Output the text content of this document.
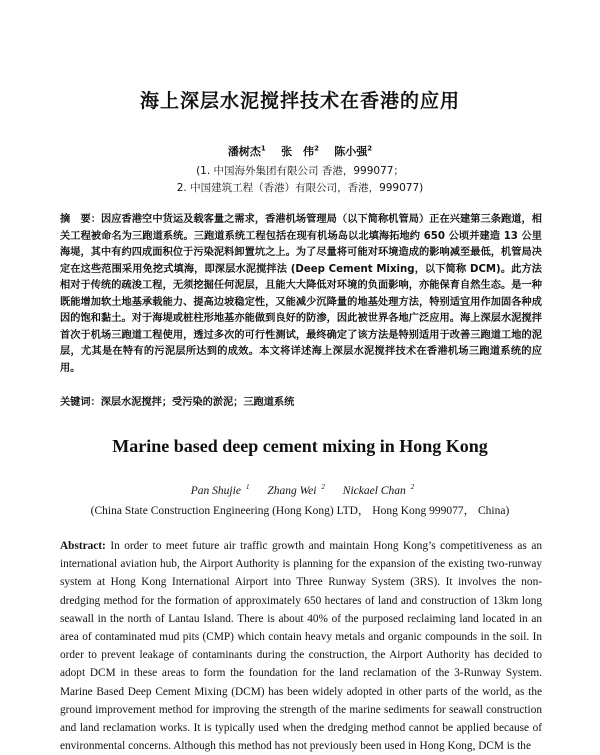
海上深层水泥搅拌技术在香港的应用
潘树杰$^1$ 张　伟$^2$ 陈小强$^2$
(1. 中国海外集团有限公司 香港，999077；
2. 中国建筑工程（香港）有限公司，香港，999077)
摘　要：因应香港空中货运及载客量之需求，香港机场管理局（以下简称机管局）正在兴建第三条跑道，相关工程被命名为三跑道系统。三跑道系统工程包括在现有机场岛以北填海拓地约 650 公顷并建造 13 公里海堤，其中有约四成面积位于污染泥料卸置坑之上。为了尽量将可能对环境造成的影响减至最低，机管局决定在这些范围采用免挖式填海，即深层水泥搅拌法 (Deep Cement Mixing，以下简称 DCM)。此方法相对于传统的疏浚工程，无须挖掘任何泥层，且能大大降低对环境的负面影响，亦能保育自然生态。是一种既能增加软土地基承载能力、提高边坡稳定性，又能减少沉降量的地基处理方法，特别适宜用作加固各种成因的饱和黏土。对于海堤或桩柱形地基亦能做到良好的防渗，因此被世界各地广泛应用。海上深层水泥搅拌首次于机场三跑道工程使用，透过多次的可行性测试，最终确定了该方法是特别适用于改善三跑道工地的泥层，尤其是在特有的污泥层所达到的成效。本文将详述海上深层水泥搅拌技术在香港机场三跑道系统的应用。
关键词：深层水泥搅拌；受污染的淤泥；三跑道系统
Marine based deep cement mixing in Hong Kong
Pan Shujie $^1$ Zhang Wei $^2$ Nickael Chan $^2$
(China State Construction Engineering (Hong Kong) LTD， Hong Kong 999077， China)
Abstract: In order to meet future air traffic growth and maintain Hong Kong’s competitiveness as an international aviation hub, the Airport Authority is planning for the expansion of the existing two-runway system at Hong Kong International Airport into Three Runway System (3RS). It involves the non-dredging method for the formation of approximately 650 hectares of land and construction of 13km long seawall in the north of Lantau Island. There is about 40% of the purposed reclaiming land located in an area of contaminated mud pits (CMP) which contain heavy metals and organic compounds in the soil. In order to prevent leakage of contaminants during the construction, the Airport Authority has decided to adopt DCM in these areas to form the foundation for the land reclamation of the 3-Runway System. Marine Based Deep Cement Mixing (DCM) has been widely adopted in other parts of the world, as the ground improvement method for improving the strength of the marine sediments for seawall construction and land reclamation works. It is typically used when the dredging method cannot be applied because of environmental concerns. Although this method has not previously been used in Hong Kong, DCM is the
